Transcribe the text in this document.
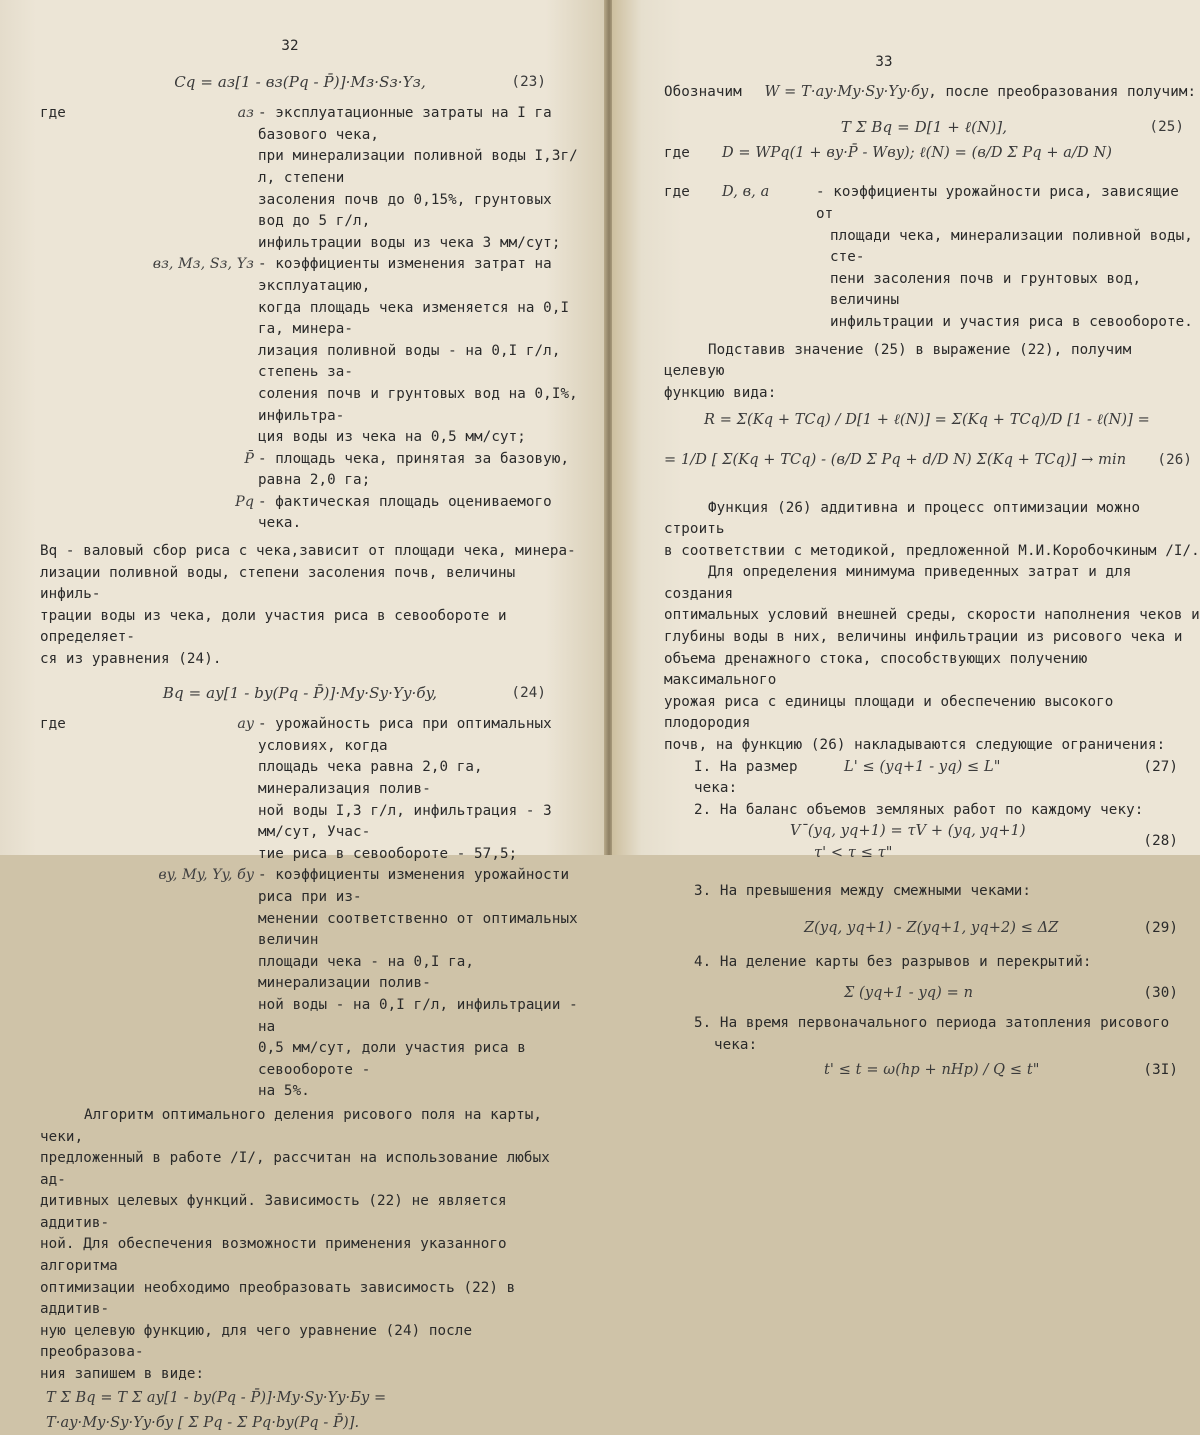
32

Cq = aз[1 - вз(Pq - P̄)]·Mз·Sз·Yз,	(23)
где	aз - эксплуатационные затраты на I га базового чека,
при минерализации поливной воды I,3г/л, степени
засоления почв до 0,15%, грунтовых вод до 5 г/л,
инфильтрации воды из чека 3 мм/сут;
вз, Mз, Sз, Yз - коэффициенты изменения затрат на эксплуатацию,
когда площадь чека изменяется на 0,I га, минера-
лизация поливной воды - на 0,I г/л, степень за-
соления почв и грунтовых вод на 0,I%, инфильтра-
ция воды из чека на 0,5 мм/сут;
P̄ - площадь чека, принятая за базовую, равна 2,0 га;
Pq - фактическая площадь оцениваемого чека.
Bq - валовый сбор риса с чека,зависит от площади чека, минера-
лизации поливной воды, степени засоления почв, величины инфиль-
трации воды из чека, доли участия риса в севообороте и определяет-
ся из уравнения (24).
Bq = ay[1 - by(Pq - P̄)]·My·Sy·Yy·бy,	(24)
где	ay - урожайность риса при оптимальных условиях, когда
площадь чека равна 2,0 га, минерализация полив-
ной воды I,3 г/л, инфильтрация - 3 мм/сут, Учас-
тие риса в севообороте - 57,5;
вy, My, Yy, бy - коэффициенты изменения урожайности риса при из-
менении соответственно от оптимальных величин
площади чека - на 0,I га, минерализации полив-
ной воды - на 0,I г/л, инфильтрации - на
0,5 мм/сут, доли участия риса в севообороте -
на 5%.
Алгоритм оптимального деления рисового поля на карты, чеки,
предложенный в работе /I/, рассчитан на использование любых ад-
дитивных целевых функций. Зависимость (22) не является аддитив-
ной. Для обеспечения возможности применения указанного алгоритма
оптимизации необходимо преобразовать зависимость (22) в аддитив-
ную целевую функцию, для чего уравнение (24) после преобразова-
ния запишем в виде:
T Σ Bq = T Σ ay[1 - by(Pq - P̄)]·My·Sy·Yy·Бy =
T·ay·My·Sy·Yy·бy [ Σ Pq - Σ Pq·by(Pq - P̄)].

33

Обозначим W = T·ay·My·Sy·Yy·бy, после преобразования получим:
T Σ Bq = D[1 + ℓ(N)],	(25)
где	D = WPq(1 + вy·P̄ - Wвy); ℓ(N) = (в/D Σ Pq + a/D N)
где	D, в, a	- коэффициенты урожайности риса, зависящие от
площади чека, минерализации поливной воды, сте-
пени засоления почв и грунтовых вод, величины
инфильтрации и участия риса в севообороте.
Подставив значение (25) в выражение (22), получим целевую
функцию вида:
R = Σ(Kq + TCq) / D[1 + ℓ(N)] = Σ(Kq + TCq)/D [1 - ℓ(N)] =
= 1/D [ Σ(Kq + TCq) - (в/D Σ Pq + d/D N) Σ(Kq + TCq)] → min (26)
Функция (26) аддитивна и процесс оптимизации можно строить
в соответствии с методикой, предложенной М.И.Коробочкиным /I/.
Для определения минимума приведенных затрат и для создания
оптимальных условий внешней среды, скорости наполнения чеков и
глубины воды в них, величины инфильтрации из рисового чека и
объема дренажного стока, способствующих получению максимального
урожая риса с единицы площади и обеспечению высокого плодородия
почв, на функцию (26) накладываются следующие ограничения:
I. На размер чека:
L' ≤ (yq+1 - yq) ≤ L"	(27)
2. На баланс объемов земляных работ по каждому чеку:
V¯(yq, yq+1) = τV + (yq, yq+1)
τ' < τ ≤ τ"
(28)
3. На превышения между смежными чеками:
Z(yq, yq+1) - Z(yq+1, yq+2) ≤ ΔZ	(29)
4. На деление карты без разрывов и перекрытий:
Σ (yq+1 - yq) = n	(30)
5. На время первоначального периода затопления рисового
чека:
t' ≤ t = ω(hp + nHp) / Q ≤ t"	(3I)
